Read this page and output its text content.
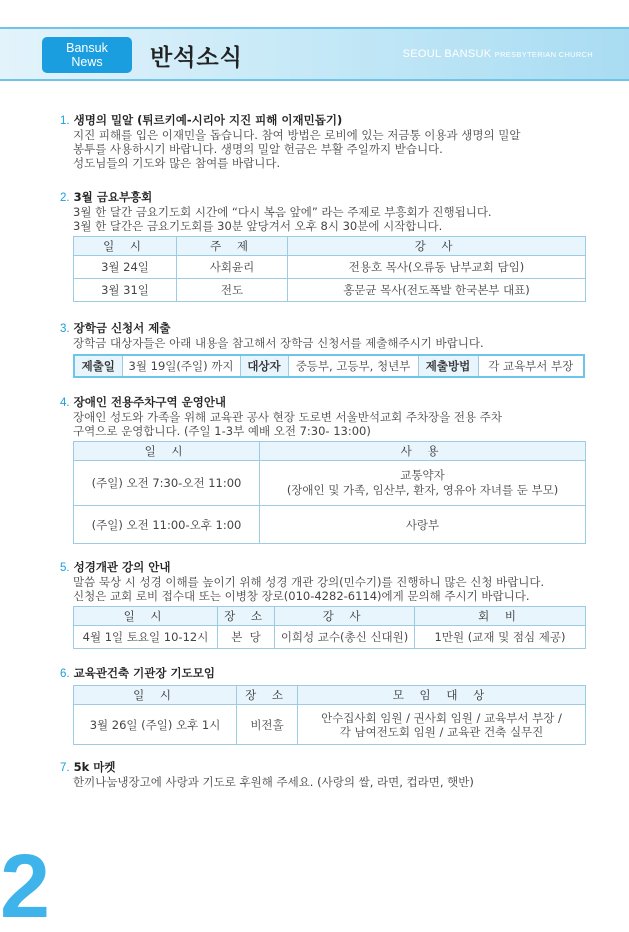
Bansuk
News	반석소식	SEOUL BANSUK PRESBYTERIAN CHURCH
1. 생명의 밀알 (튀르키예-시리아 지진 피해 이재민돕기)

지진 피해를 입은 이재민을 돕습니다. 참여 방법은 로비에 있는 저금통 이용과 생명의 밀알

봉투를 사용하시기 바랍니다. 생명의 밀알 헌금은 부활 주일까지 받습니다.

성도님들의 기도와 많은 참여를 바랍니다.

2. 3월 금요부흥회

3월 한 달간 금요기도회 시간에 “다시 복음 앞에” 라는 주제로 부흥회가 진행됩니다.

3월 한 달간은 금요기도회를 30분 앞당겨서 오후 8시 30분에 시작합니다.

일 시	주 제	강 사
3월 24일	사회윤리	전용호 목사(오류동 남부교회 담임)
3월 31일	전도	홍문균 목사(전도폭발 한국본부 대표)
3. 장학금 신청서 제출

장학금 대상자들은 아래 내용을 참고해서 장학금 신청서를 제출해주시기 바랍니다.

제출일	3월 19일(주일) 까지	대상자	중등부, 고등부, 청년부	제출방법	각 교육부서 부장
4. 장애인 전용주차구역 운영안내

장애인 성도와 가족을 위해 교육관 공사 현장 도로변 서울반석교회 주차장을 전용 주차

구역으로 운영합니다. (주일 1-3부 예배 오전 7:30- 13:00)

일 시	사 용
(주일) 오전 7:30-오전 11:00	교통약자
(장애인 및 가족, 임산부, 환자, 영유아 자녀를 둔 부모)

(주일) 오전 11:00-오후 1:00	사랑부
5. 성경개관 강의 안내

말씀 묵상 시 성경 이해를 높이기 위해 성경 개관 강의(민수기)를 진행하니 많은 신청 바랍니다.

신청은 교회 로비 접수대 또는 이병창 장로(010-4282-6114)에게 문의해 주시기 바랍니다.

일 시	장 소	강 사	회 비
4월 1일 토요일 10-12시	본  당	이희성 교수(총신 신대원)	1만원 (교재 및 점심 제공)
6. 교육관건축 기관장 기도모임
일 시	장 소	모 임 대 상
3월 26일 (주일) 오후 1시	비전홀	안수집사회 임원 / 권사회 임원 / 교육부서 부장 /
각 남여전도회 임원 / 교육관 건축 실무진
7. 5k 마켓

한끼나눔냉장고에 사랑과 기도로 후원해 주세요. (사랑의 쌀, 라면, 컵라면, 햇반)

2
